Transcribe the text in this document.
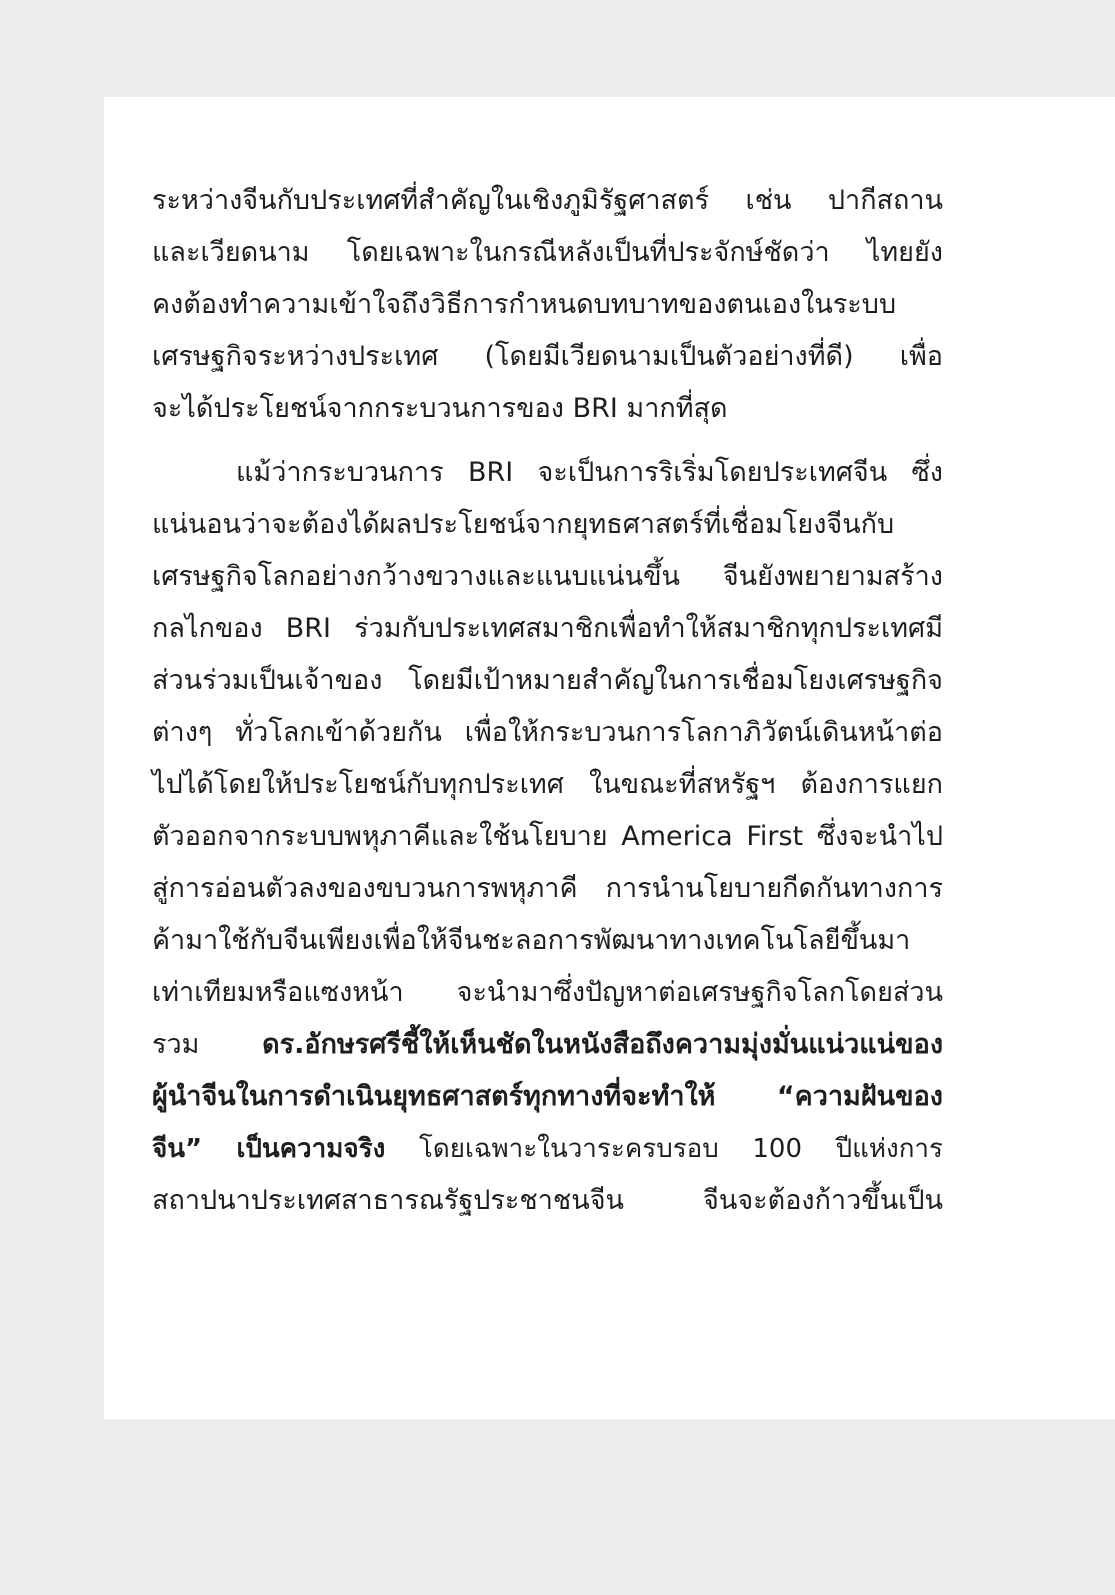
ระหว่างจีนกับประเทศที่สำคัญในเชิงภูมิรัฐศาสตร์ เช่น ปากีสถาน
และเวียดนาม โดยเฉพาะในกรณีหลังเป็นที่ประจักษ์ชัดว่า ไทยยัง
คงต้องทำความเข้าใจถึงวิธีการกำหนดบทบาทของตนเองในระบบ
เศรษฐกิจระหว่างประเทศ (โดยมีเวียดนามเป็นตัวอย่างที่ดี) เพื่อ
จะได้ประโยชน์จากกระบวนการของ BRI มากที่สุด
แม้ว่ากระบวนการ BRI จะเป็นการริเริ่มโดยประเทศจีน ซึ่ง
แน่นอนว่าจะต้องได้ผลประโยชน์จากยุทธศาสตร์ที่เชื่อมโยงจีนกับ
เศรษฐกิจโลกอย่างกว้างขวางและแนบแน่นขึ้น จีนยังพยายามสร้าง
กลไกของ BRI ร่วมกับประเทศสมาชิกเพื่อทำให้สมาชิกทุกประเทศมี
ส่วนร่วมเป็นเจ้าของ โดยมีเป้าหมายสำคัญในการเชื่อมโยงเศรษฐกิจ
ต่างๆ ทั่วโลกเข้าด้วยกัน เพื่อให้กระบวนการโลกาภิวัตน์เดินหน้าต่อ
ไปได้โดยให้ประโยชน์กับทุกประเทศ ในขณะที่สหรัฐฯ ต้องการแยก
ตัวออกจากระบบพหุภาคีและใช้นโยบาย America First ซึ่งจะนำไป
สู่การอ่อนตัวลงของขบวนการพหุภาคี การนำนโยบายกีดกันทางการ
ค้ามาใช้กับจีนเพียงเพื่อให้จีนชะลอการพัฒนาทางเทคโนโลยีขึ้นมา
เท่าเทียมหรือแซงหน้า จะนำมาซึ่งปัญหาต่อเศรษฐกิจโลกโดยส่วน
รวม ดร.อักษรศรีชี้ให้เห็นชัดในหนังสือถึงความมุ่งมั่นแน่วแน่ของ
ผู้นำจีนในการดำเนินยุทธศาสตร์ทุกทางที่จะทำให้ “ความฝันของ
จีน” เป็นความจริง โดยเฉพาะในวาระครบรอบ 100 ปีแห่งการ
สถาปนาประเทศสาธารณรัฐประชาชนจีน จีนจะต้องก้าวขึ้นเป็น
